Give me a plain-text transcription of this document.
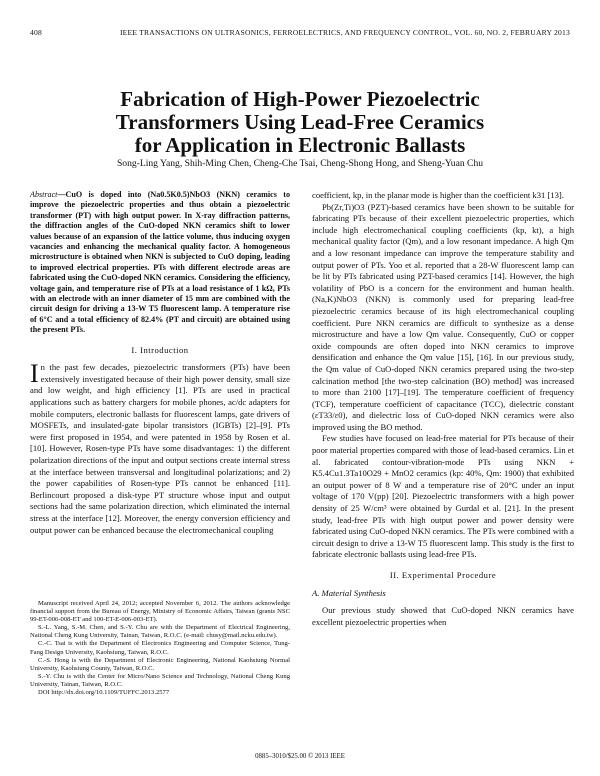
408	IEEE TRANSACTIONS ON ULTRASONICS, FERROELECTRICS, AND FREQUENCY CONTROL, VOL. 60, NO. 2, FEBRUARY 2013
Fabrication of High-Power Piezoelectric
Transformers Using Lead-Free Ceramics
for Application in Electronic Ballasts
Song-Ling Yang, Shih-Ming Chen, Cheng-Che Tsai, Cheng-Shong Hong, and Sheng-Yuan Chu

Abstract—CuO is doped into (Na0.5K0.5)NbO3 (NKN) ceramics to improve the piezoelectric properties and thus obtain a piezoelectric transformer (PT) with high output power. In X-ray diffraction patterns, the diffraction angles of the CuO-doped NKN ceramics shift to lower values because of an expansion of the lattice volume, thus inducing oxygen vacancies and enhancing the mechanical quality factor. A homogeneous microstructure is obtained when NKN is subjected to CuO doping, leading to improved electrical properties. PTs with different electrode areas are fabricated using the CuO-doped NKN ceramics. Considering the efficiency, voltage gain, and temperature rise of PTs at a load resistance of 1 kΩ, PTs with an electrode with an inner diameter of 15 mm are combined with the circuit design for driving a 13-W T5 fluorescent lamp. A temperature rise of 6°C and a total efficiency of 82.4% (PT and circuit) are obtained using the present PTs.

I. Introduction

In the past few decades, piezoelectric transformers (PTs) have been extensively investigated because of their high power density, small size and low weight, and high efficiency [1]. PTs are used in practical applications such as battery chargers for mobile phones, ac/dc adapters for mobile computers, electronic ballasts for fluorescent lamps, gate drivers of MOSFETs, and insulated-gate bipolar transistors (IGBTs) [2]–[9]. PTs were first proposed in 1954, and were patented in 1958 by Rosen et al. [10]. However, Rosen-type PTs have some disadvantages: 1) the different polarization directions of the input and output sections create internal stress at the interface between transversal and longitudinal polarizations; and 2) the power capabilities of Rosen-type PTs cannot be enhanced [11]. Berlincourt proposed a disk-type PT structure whose input and output sections had the same polarization direction, which eliminated the internal stress at the interface [12]. Moreover, the energy conversion efficiency and output power can be enhanced because the electromechanical coupling

Manuscript received April 24, 2012; accepted November 6, 2012. The authors acknowledge financial support from the Bureau of Energy, Ministry of Economic Affairs, Taiwan (grants NSC 99-ET-006-008-ET and 100-ET-E-006-003-ET).

S.-L. Yang, S.-M. Chen, and S.-Y. Chu are with the Department of Electrical Engineering, National Cheng Kung University, Tainan, Taiwan, R.O.C. (e-mail: chusy@mail.ncku.edu.tw).

C.-C. Tsai is with the Department of Electronics Engineering and Computer Science, Tung-Fang Design University, Kaohsiung, Taiwan, R.O.C.

C.-S. Hong is with the Department of Electronic Engineering, National Kaohsiung Normal University, Kaohsiung County, Taiwan, R.O.C.

S.-Y. Chu is with the Center for Micro/Nano Science and Technology, National Cheng Kung University, Tainan, Taiwan, R.O.C.

DOI http://dx.doi.org/10.1109/TUFFC.2013.2577

coefficient, kp, in the planar mode is higher than the coefficient k31 [13].

Pb(Zr,Ti)O3 (PZT)-based ceramics have been shown to be suitable for fabricating PTs because of their excellent piezoelectric properties, which include high electromechanical coupling coefficients (kp, kt), a high mechanical quality factor (Qm), and a low resonant impedance. A high Qm and a low resonant impedance can improve the temperature stability and output power of PTs. Yoo et al. reported that a 28-W fluorescent lamp can be lit by PTs fabricated using PZT-based ceramics [14]. However, the high volatility of PbO is a concern for the environment and human health. (Na,K)NbO3 (NKN) is commonly used for preparing lead-free piezoelectric ceramics because of its high electromechanical coupling coefficient. Pure NKN ceramics are difficult to synthesize as a dense microstructure and have a low Qm value. Consequently, CuO or copper oxide compounds are often doped into NKN ceramics to improve densification and enhance the Qm value [15], [16]. In our previous study, the Qm value of CuO-doped NKN ceramics prepared using the two-step calcination method [the two-step calcination (BO) method] was increased to more than 2100 [17]–[19]. The temperature coefficient of frequency (TCF), temperature coefficient of capacitance (TCC), dielectric constant (εT33/ε0), and dielectric loss of CuO-doped NKN ceramics were also improved using the BO method.

Few studies have focused on lead-free material for PTs because of their poor material properties compared with those of lead-based ceramics. Lin et al. fabricated contour-vibration-mode PTs using NKN + K5.4Cu1.3Ta10O29 + MnO2 ceramics (kp: 40%, Qm: 1900) that exhibited an output power of 8 W and a temperature rise of 20°C under an input voltage of 170 V(pp) [20]. Piezoelectric transformers with a high power density of 25 W/cm³ were obtained by Gurdal et al. [21]. In the present study, lead-free PTs with high output power and power density were fabricated using CuO-doped NKN ceramics. The PTs were combined with a circuit design to drive a 13-W T5 fluorescent lamp. This study is the first to fabricate electronic ballasts using lead-free PTs.

II. Experimental Procedure
A. Material Synthesis

Our previous study showed that CuO-doped NKN ceramics have excellent piezoelectric properties when

0885–3010/$25.00 © 2013 IEEE
